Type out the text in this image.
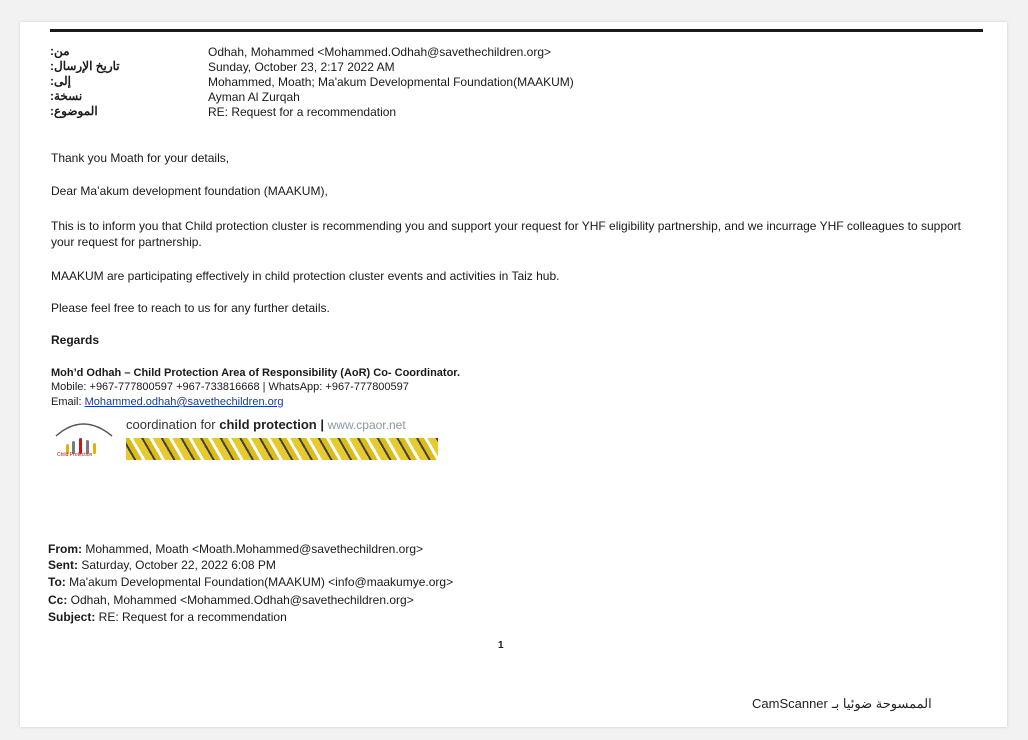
من:
تاريخ الإرسال:
إلى:
نسخة:
الموضوع:
Odhah, Mohammed <Mohammed.Odhah@savethechildren.org>
Sunday, October 23, 2:17 2022 AM
Mohammed, Moath; Ma'akum Developmental Foundation(MAAKUM)
Ayman Al Zurqah
RE: Request for a recommendation
Thank you Moath for your details,
Dear Ma’akum development foundation (MAAKUM),
This is to inform you that Child protection cluster is recommending you and support your request for YHF eligibility partnership, and we incurrage YHF colleagues to support your request for partnership.
MAAKUM are participating effectively in child protection cluster events and activities in Taiz hub.
Please feel free to reach to us for any further details.
Regards
Moh’d Odhah – Child Protection Area of Responsibility (AoR) Co- Coordinator.
Mobile: +967-777800597 +967-733816668 | WhatsApp: +967-777800597
Email: Mohammed.odhah@savethechildren.org
Child Protection
coordination for child protection | www.cpaor.net
From: Mohammed, Moath <Moath.Mohammed@savethechildren.org>
Sent: Saturday, October 22, 2022 6:08 PM
To: Ma'akum Developmental Foundation(MAAKUM) <info@maakumye.org>
Cc: Odhah, Mohammed <Mohammed.Odhah@savethechildren.org>
Subject: RE: Request for a recommendation
1
CamScanner الممسوحة ضوئيا بـ
